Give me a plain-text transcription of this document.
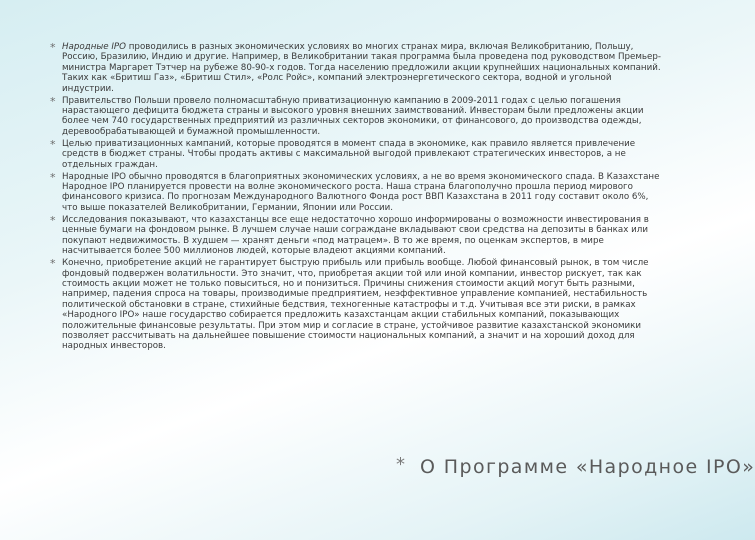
* Народные IPO проводились в разных экономических условиях во многих странах мира, включая Великобританию, Польшу, Россию, Бразилию, Индию и другие. Например, в Великобритании такая программа была проведена под руководством Премьер-министра Маргарет Тэтчер на рубеже 80-90-х годов. Тогда населению предложили акции крупнейших национальных компаний. Таких как «Бритиш Газ», «Бритиш Стил», «Ролс Ройс», компаний электроэнергетического сектора, водной и угольной индустрии.
* Правительство Польши провело полномасштабную приватизационную кампанию в 2009-2011 годах с целью погашения нарастающего дефицита бюджета страны и высокого уровня внешних заимствований. Инвесторам были предложены акции более чем 740 государственных предприятий из различных секторов экономики, от финансового, до производства одежды, деревообрабатывающей и бумажной промышленности.
* Целью приватизационных кампаний, которые проводятся в момент спада в экономике, как правило является привлечение средств в бюджет страны. Чтобы продать активы с максимальной выгодой привлекают стратегических инвесторов, а не отдельных граждан.
* Народные IPO обычно проводятся в благоприятных экономических условиях, а не во время экономического спада. В Казахстане Народное IPO планируется провести на волне экономического роста. Наша страна благополучно прошла период мирового финансового кризиса. По прогнозам Международного Валютного Фонда рост ВВП Казахстана в 2011 году составит около 6%, что выше показателей Великобритании, Германии, Японии или России.
* Исследования показывают, что казахстанцы все еще недостаточно хорошо информированы о возможности инвестирования в ценные бумаги на фондовом рынке. В лучшем случае наши сограждане вкладывают свои средства на депозиты в банках или покупают недвижимость. В худшем — хранят деньги «под матрацем». В то же время, по оценкам экспертов, в мире насчитывается более 500 миллионов людей, которые владеют акциями компаний.
* Конечно, приобретение акций не гарантирует быструю прибыль или прибыль вообще. Любой финансовый рынок, в том числе фондовый подвержен волатильности. Это значит, что, приобретая акции той или иной компании, инвестор рискует, так как стоимость акции может не только повыситься, но и понизиться. Причины снижения стоимости акций могут быть разными, например, падения спроса на товары, производимые предприятием, неэффективное управление компанией, нестабильность политической обстановки в стране, стихийные бедствия, техногенные катастрофы и т.д. Учитывая все эти риски, в рамках «Народного IPO» наше государство собирается предложить казахстанцам акции стабильных компаний, показывающих положительные финансовые результаты. При этом мир и согласие в стране, устойчивое развитие казахстанской экономики позволяет рассчитывать на дальнейшее повышение стоимости национальных компаний, а значит и на хороший доход для народных инвесторов.
* О Программе «Народное IPO»
